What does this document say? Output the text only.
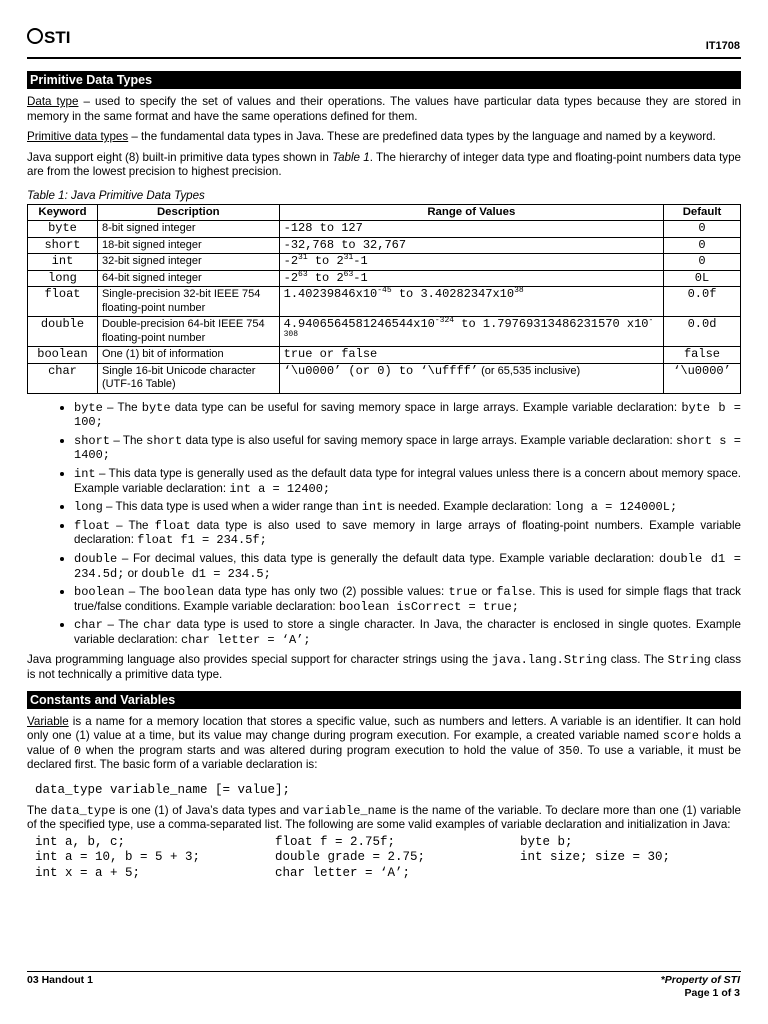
STI	IT1708
Primitive Data Types

Data type – used to specify the set of values and their operations. The values have particular data types because they are stored in memory in the same format and have the same operations defined for them.

Primitive data types – the fundamental data types in Java. These are predefined data types by the language and named by a keyword.

Java support eight (8) built-in primitive data types shown in Table 1. The hierarchy of integer data type and floating-point numbers data type are from the lowest precision to highest precision.

Table 1: Java Primitive Data Types
Keyword	Description	Range of Values	Default
byte	8-bit signed integer	-128 to 127	0
short	18-bit signed integer	-32,768 to 32,767	0
int	32-bit signed integer	$-2^{31}$ to $2^{31}-1$	0
long	64-bit signed integer	$-2^{63}$ to $2^{63}-1$	0L
float	Single-precision 32-bit IEEE 754 floating-point number	$1.40239846x10^{-45}$ to $3.40282347x10^{38}$	0.0f
double	Double-precision 64-bit IEEE 754 floating-point number	$4.9406564581246544x10^{-324}$ to 1.79769313486231570 $x10^{-308}$	0.0d
boolean	One (1) bit of information	true or false	false
char	Single 16-bit Unicode character (UTF-16 Table)	‘\u0000’ (or 0) to ‘\uffff’ (or 65,535 inclusive)	‘\u0000’
• byte – The byte data type can be useful for saving memory space in large arrays. Example variable declaration: byte b = 100;
• short – The short data type is also useful for saving memory space in large arrays. Example variable declaration: short s = 1400;
• int – This data type is generally used as the default data type for integral values unless there is a concern about memory space. Example variable declaration: int a = 12400;
• long – This data type is used when a wider range than int is needed. Example declaration: long a = 124000L;
• float – The float data type is also used to save memory in large arrays of floating-point numbers. Example variable declaration: float f1 = 234.5f;
• double – For decimal values, this data type is generally the default data type. Example variable declaration: double d1 = 234.5d; or double d1 = 234.5;
• boolean – The boolean data type has only two (2) possible values: true or false. This is used for simple flags that track true/false conditions. Example variable declaration: boolean isCorrect = true;
• char – The char data type is used to store a single character. In Java, the character is enclosed in single quotes. Example variable declaration: char letter = ‘A’;

Java programming language also provides special support for character strings using the java.lang.String class. The String class is not technically a primitive data type.

Constants and Variables

Variable is a name for a memory location that stores a specific value, such as numbers and letters. A variable is an identifier. It can hold only one (1) value at a time, but its value may change during program execution. For example, a created variable named score holds a value of 0 when the program starts and was altered during program execution to hold the value of 350. To use a variable, it must be declared first. The basic form of a variable declaration is:

data_type variable_name [= value];

The data_type is one (1) of Java’s data types and variable_name is the name of the variable. To declare more than one (1) variable of the specified type, use a comma-separated list. The following are some valid examples of variable declaration and initialization in Java:

int a, b, c;	float f = 2.75f;	byte b;
int a = 10, b = 5 + 3;	double grade = 2.75;	int size; size = 30;
int x = a + 5;	char letter = ‘A’;
03 Handout 1	*Property of STI
Page 1 of 3
